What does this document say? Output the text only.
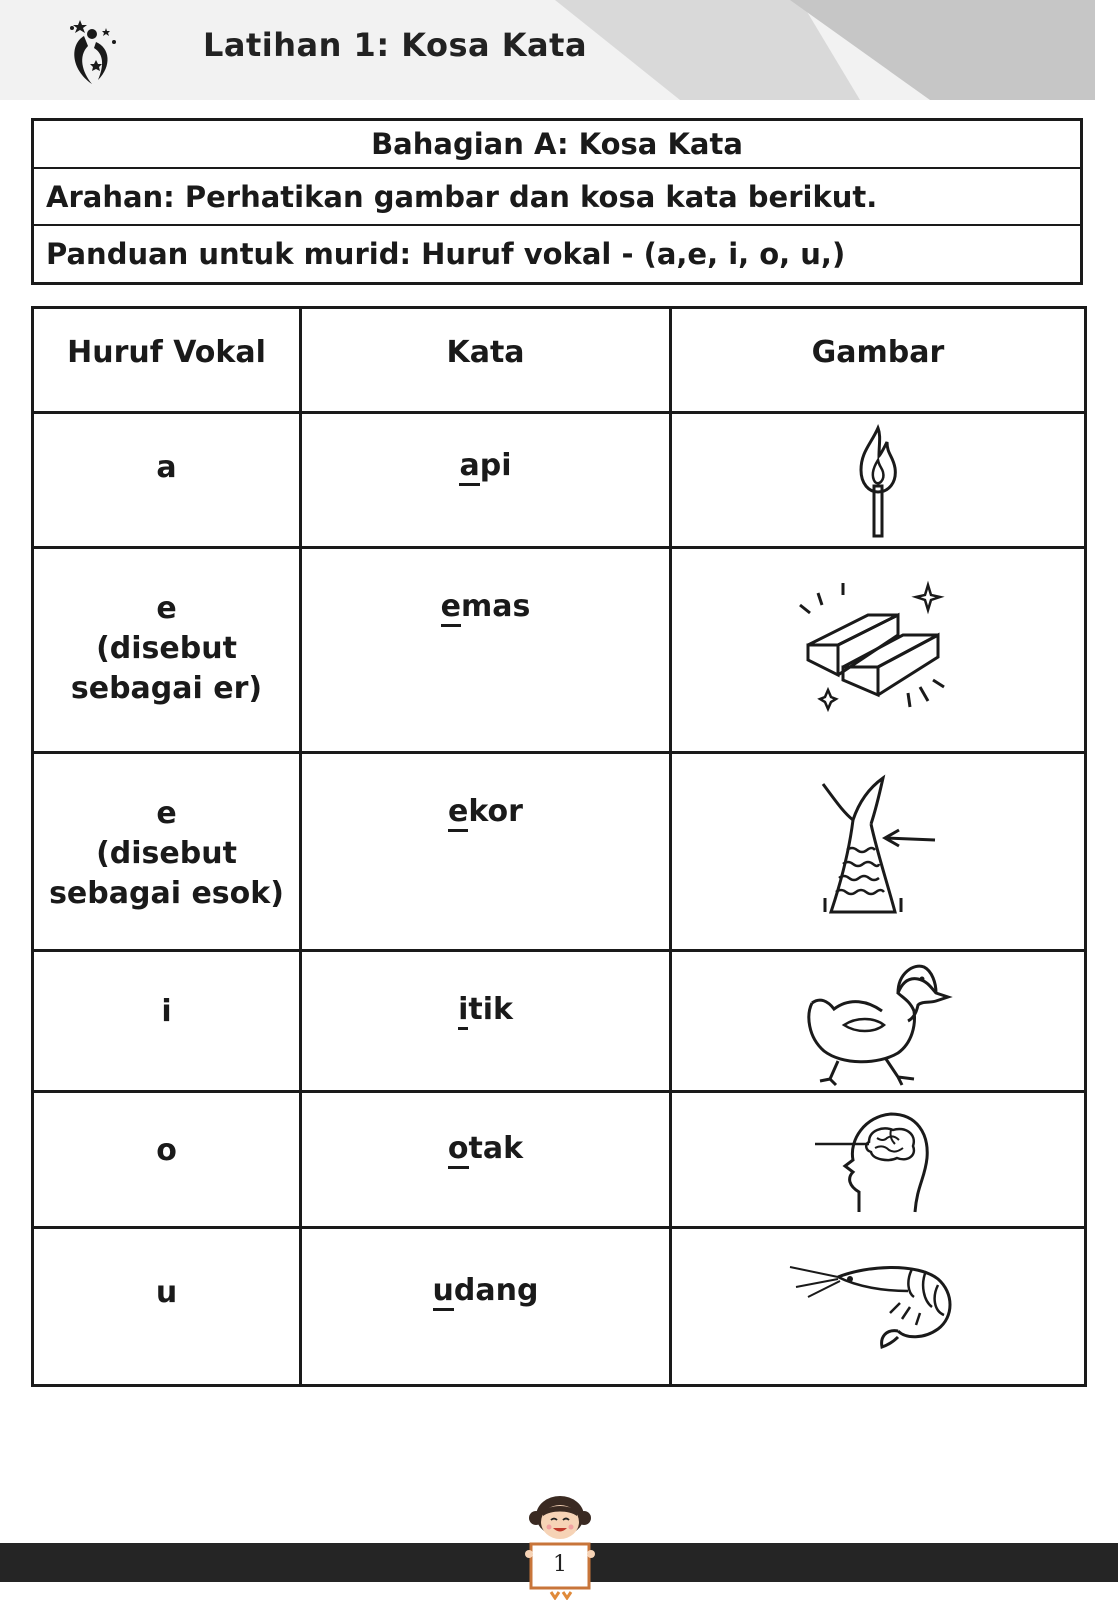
Latihan 1: Kosa Kata
Bahagian A: Kosa Kata
Arahan: Perhatikan gambar dan kosa kata berikut.
Panduan untuk murid: Huruf vokal - (a,e, i, o, u,)
Huruf Vokal	Kata	Gambar

a	api	

e
(disebut
sebagai er)	emas	

e
(disebut
sebagai esok)	ekor	

i	itik	

o	otak	

u	udang	
1
